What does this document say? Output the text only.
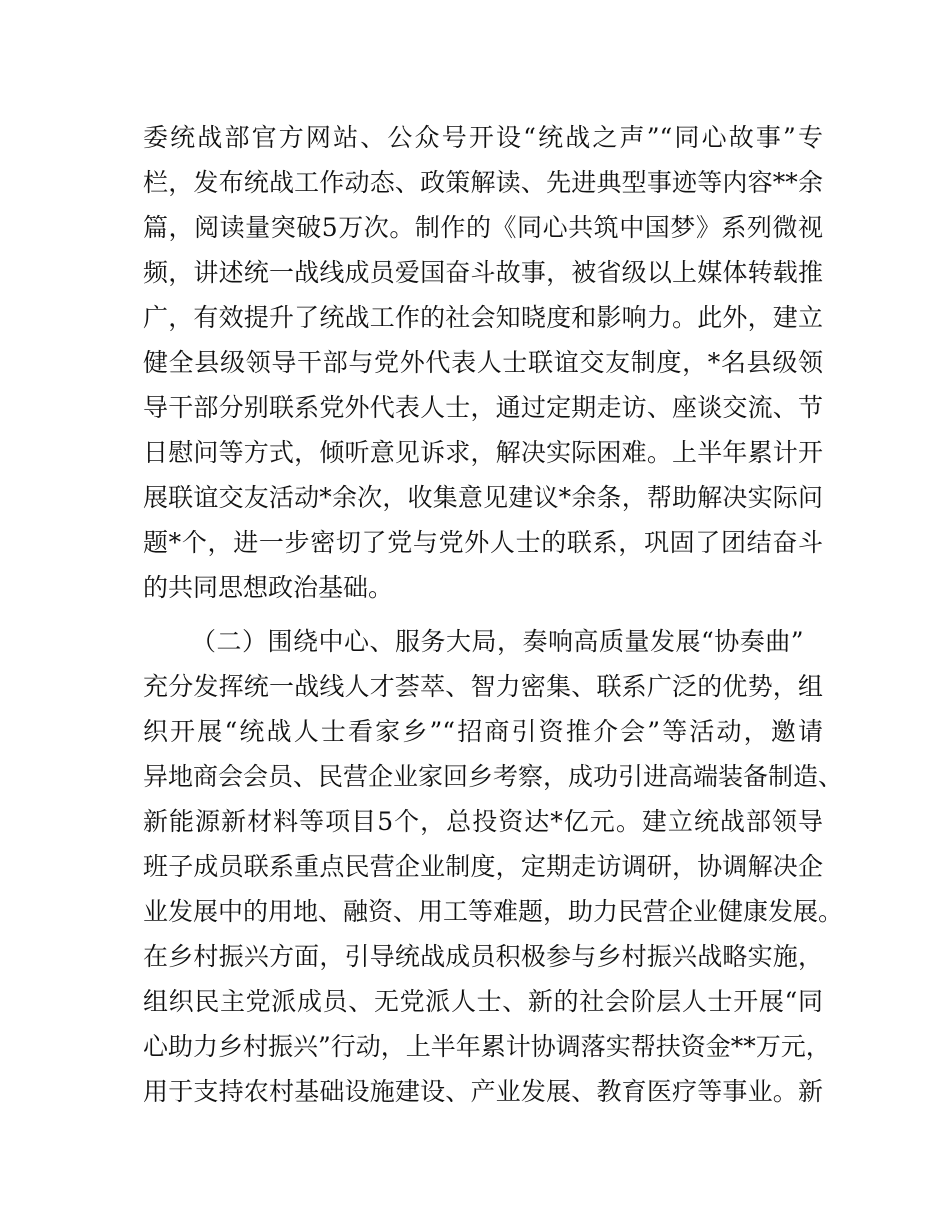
委统战部官方网站、公众号开设“统战之声”“同心故事”专
栏，发布统战工作动态、政策解读、先进典型事迹等内容**余
篇，阅读量突破5万次。制作的《同心共筑中国梦》系列微视
频，讲述统一战线成员爱国奋斗故事，被省级以上媒体转载推
广，有效提升了统战工作的社会知晓度和影响力。此外，建立
健全县级领导干部与党外代表人士联谊交友制度，*名县级领
导干部分别联系党外代表人士，通过定期走访、座谈交流、节
日慰问等方式，倾听意见诉求，解决实际困难。上半年累计开
展联谊交友活动*余次，收集意见建议*余条，帮助解决实际问
题*个，进一步密切了党与党外人士的联系，巩固了团结奋斗
的共同思想政治基础。
（二）围绕中心、服务大局，奏响高质量发展“协奏曲”
充分发挥统一战线人才荟萃、智力密集、联系广泛的优势，组
织开展“统战人士看家乡”“招商引资推介会”等活动，邀请
异地商会会员、民营企业家回乡考察，成功引进高端装备制造、
新能源新材料等项目5个，总投资达*亿元。建立统战部领导
班子成员联系重点民营企业制度，定期走访调研，协调解决企
业发展中的用地、融资、用工等难题，助力民营企业健康发展。
在乡村振兴方面，引导统战成员积极参与乡村振兴战略实施，
组织民主党派成员、无党派人士、新的社会阶层人士开展“同
心助力乡村振兴”行动，上半年累计协调落实帮扶资金**万元，
用于支持农村基础设施建设、产业发展、教育医疗等事业。新
